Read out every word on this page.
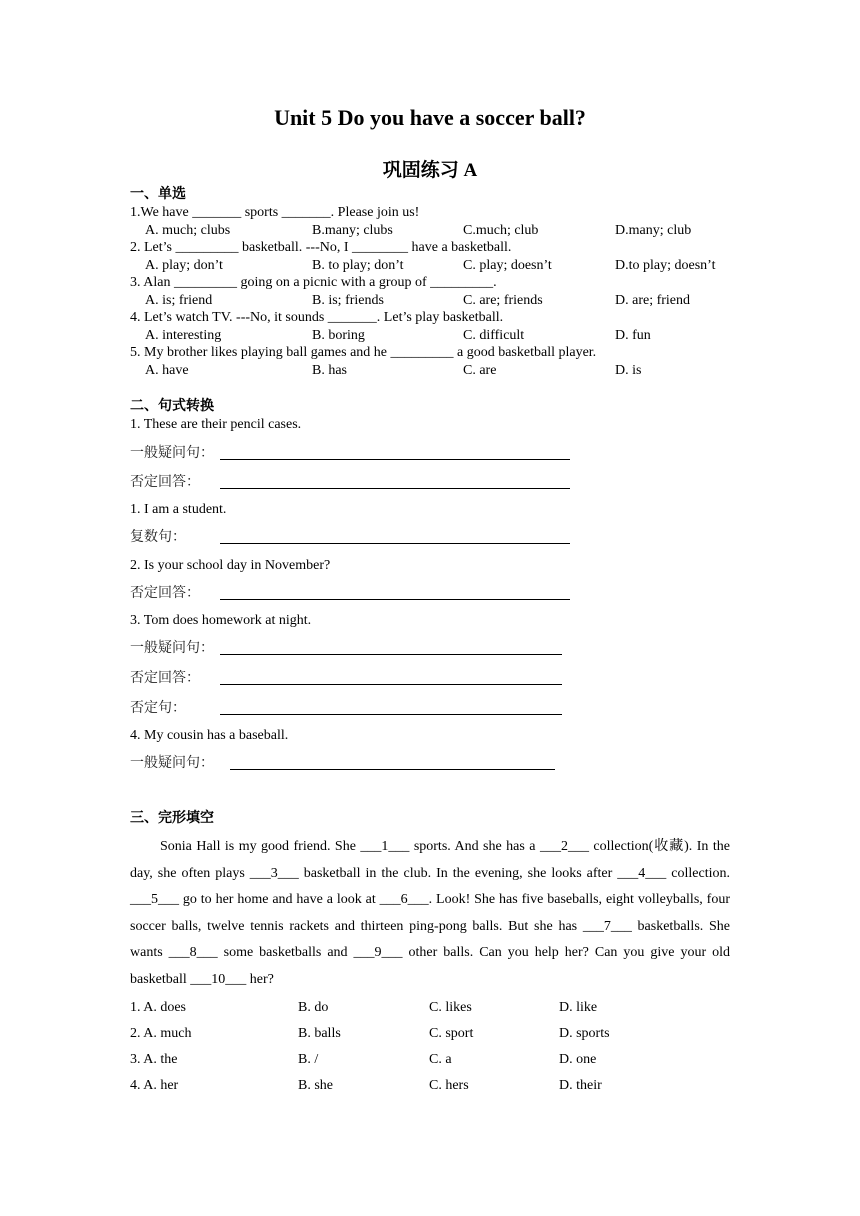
Unit 5 Do you have a soccer ball?
巩固练习 A
一、单选
1.We have _______ sports _______. Please join us!
A. much; clubs	B.many; clubs	C.much; club	D.many; club
2. Let’s _________ basketball. ---No, I ________ have a basketball.
A. play; don’t	B. to play; don’t	C. play; doesn’t	D.to play; doesn’t
3. Alan _________ going on a picnic with a group of _________.
A. is; friend	B. is; friends	C. are; friends	D. are; friend
4. Let’s watch TV. ---No, it sounds _______. Let’s play basketball.
A. interesting	B. boring	C. difficult	D. fun
5. My brother likes playing ball games and he _________ a good basketball player.
A. have	B. has	C. are	D. is
二、句式转换
1. These are their pencil cases.
一般疑问句：
否定回答：
1. I am a student.
复数句：
2. Is your school day in November?
否定回答：
3. Tom does homework at night.
一般疑问句：
否定回答：
否定句：
4. My cousin has a baseball.
一般疑问句：
三、完形填空
Sonia Hall is my good friend. She ___1___ sports. And she has a ___2___ collection(收藏). In the day, she often plays ___3___ basketball in the club. In the evening, she looks after ___4___ collection. ___5___ go to her home and have a look at ___6___. Look! She has five baseballs, eight volleyballs, four soccer balls, twelve tennis rackets and thirteen ping-pong balls. But she has ___7___ basketballs. She wants ___8___ some basketballs and ___9___ other balls. Can you help her? Can you give your old basketball ___10___ her?
1. A. does	B. do	C. likes	D. like
2. A. much	B. balls	C. sport	D. sports
3. A. the	B. /	C. a	D. one
4. A. her	B. she	C. hers	D. their
